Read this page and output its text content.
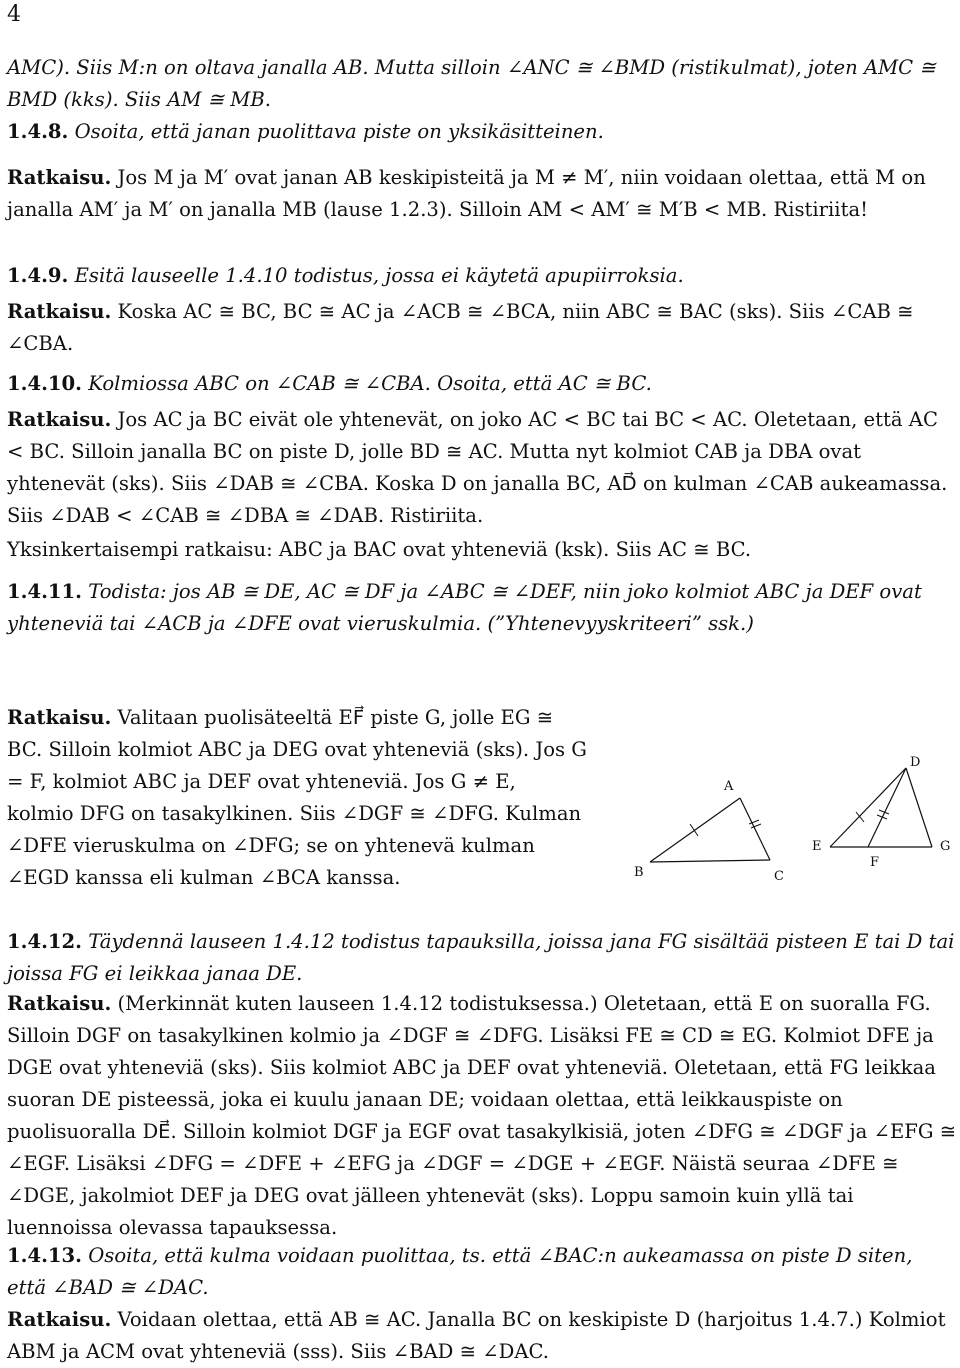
4

AMC). Siis M:n on oltava janalla AB. Mutta silloin ∠ANC ≅ ∠BMD (ristikulmat), joten AMC ≅ BMD (kks). Siis AM ≅ MB.

1.4.8. Osoita, että janan puolittava piste on yksikäsitteinen.

Ratkaisu. Jos M ja M′ ovat janan AB keskipisteitä ja M ≠ M′, niin voidaan olettaa, että M on janalla AM′ ja M′ on janalla MB (lause 1.2.3). Silloin AM < AM′ ≅ M′B < MB. Ristiriita!

1.4.9. Esitä lauseelle 1.4.10 todistus, jossa ei käytetä apupiirroksia.

Ratkaisu. Koska AC ≅ BC, BC ≅ AC ja ∠ACB ≅ ∠BCA, niin ABC ≅ BAC (sks). Siis ∠CAB ≅ ∠CBA.

1.4.10. Kolmiossa ABC on ∠CAB ≅ ∠CBA. Osoita, että AC ≅ BC.

Ratkaisu. Jos AC ja BC eivät ole yhtenevät, on joko AC < BC tai BC < AC. Oletetaan, että AC < BC. Silloin janalla BC on piste D, jolle BD ≅ AC. Mutta nyt kolmiot CAB ja DBA ovat yhtenevät (sks). Siis ∠DAB ≅ ∠CBA. Koska D on janalla BC, AD⃗ on kulman ∠CAB aukeamassa. Siis ∠DAB < ∠CAB ≅ ∠DBA ≅ ∠DAB. Ristiriita.

Yksinkertaisempi ratkaisu: ABC ja BAC ovat yhteneviä (ksk). Siis AC ≅ BC.

1.4.11. Todista: jos AB ≅ DE, AC ≅ DF ja ∠ABC ≅ ∠DEF, niin joko kolmiot ABC ja DEF ovat yhteneviä tai ∠ACB ja ∠DFE ovat vieruskulmia. (”Yhtenevyyskriteeri” ssk.)

Ratkaisu. Valitaan puolisäteeltä EF⃗ piste G, jolle EG ≅ BC. Silloin kolmiot ABC ja DEG ovat yhteneviä (sks). Jos G = F, kolmiot ABC ja DEF ovat yhteneviä. Jos G ≠ E, kolmio DFG on tasakylkinen. Siis ∠DGF ≅ ∠DFG. Kulman ∠DFE vieruskulma on ∠DFG; se on yhtenevä kulman ∠EGD kanssa eli kulman ∠BCA kanssa.

A
B	C
D
E
F
G

1.4.12. Täydennä lauseen 1.4.12 todistus tapauksilla, joissa jana FG sisältää pisteen E tai D tai joissa FG ei leikkaa janaa DE.

Ratkaisu. (Merkinnät kuten lauseen 1.4.12 todistuksessa.) Oletetaan, että E on suoralla FG. Silloin DGF on tasakylkinen kolmio ja ∠DGF ≅ ∠DFG. Lisäksi FE ≅ CD ≅ EG. Kolmiot DFE ja DGE ovat yhteneviä (sks). Siis kolmiot ABC ja DEF ovat yhteneviä. Oletetaan, että FG leikkaa suoran DE pisteessä, joka ei kuulu janaan DE; voidaan olettaa, että leikkauspiste on puolisuoralla DE⃗. Silloin kolmiot DGF ja EGF ovat tasakylkisiä, joten ∠DFG ≅ ∠DGF ja ∠EFG ≅ ∠EGF. Lisäksi ∠DFG = ∠DFE + ∠EFG ja ∠DGF = ∠DGE + ∠EGF. Näistä seuraa ∠DFE ≅ ∠DGE, jakolmiot DEF ja DEG ovat jälleen yhtenevät (sks). Loppu samoin kuin yllä tai luennoissa olevassa tapauksessa.

1.4.13. Osoita, että kulma voidaan puolittaa, ts. että ∠BAC:n aukeamassa on piste D siten, että ∠BAD ≅ ∠DAC.

Ratkaisu. Voidaan olettaa, että AB ≅ AC. Janalla BC on keskipiste D (harjoitus 1.4.7.) Kolmiot ABM ja ACM ovat yhteneviä (sss). Siis ∠BAD ≅ ∠DAC.
